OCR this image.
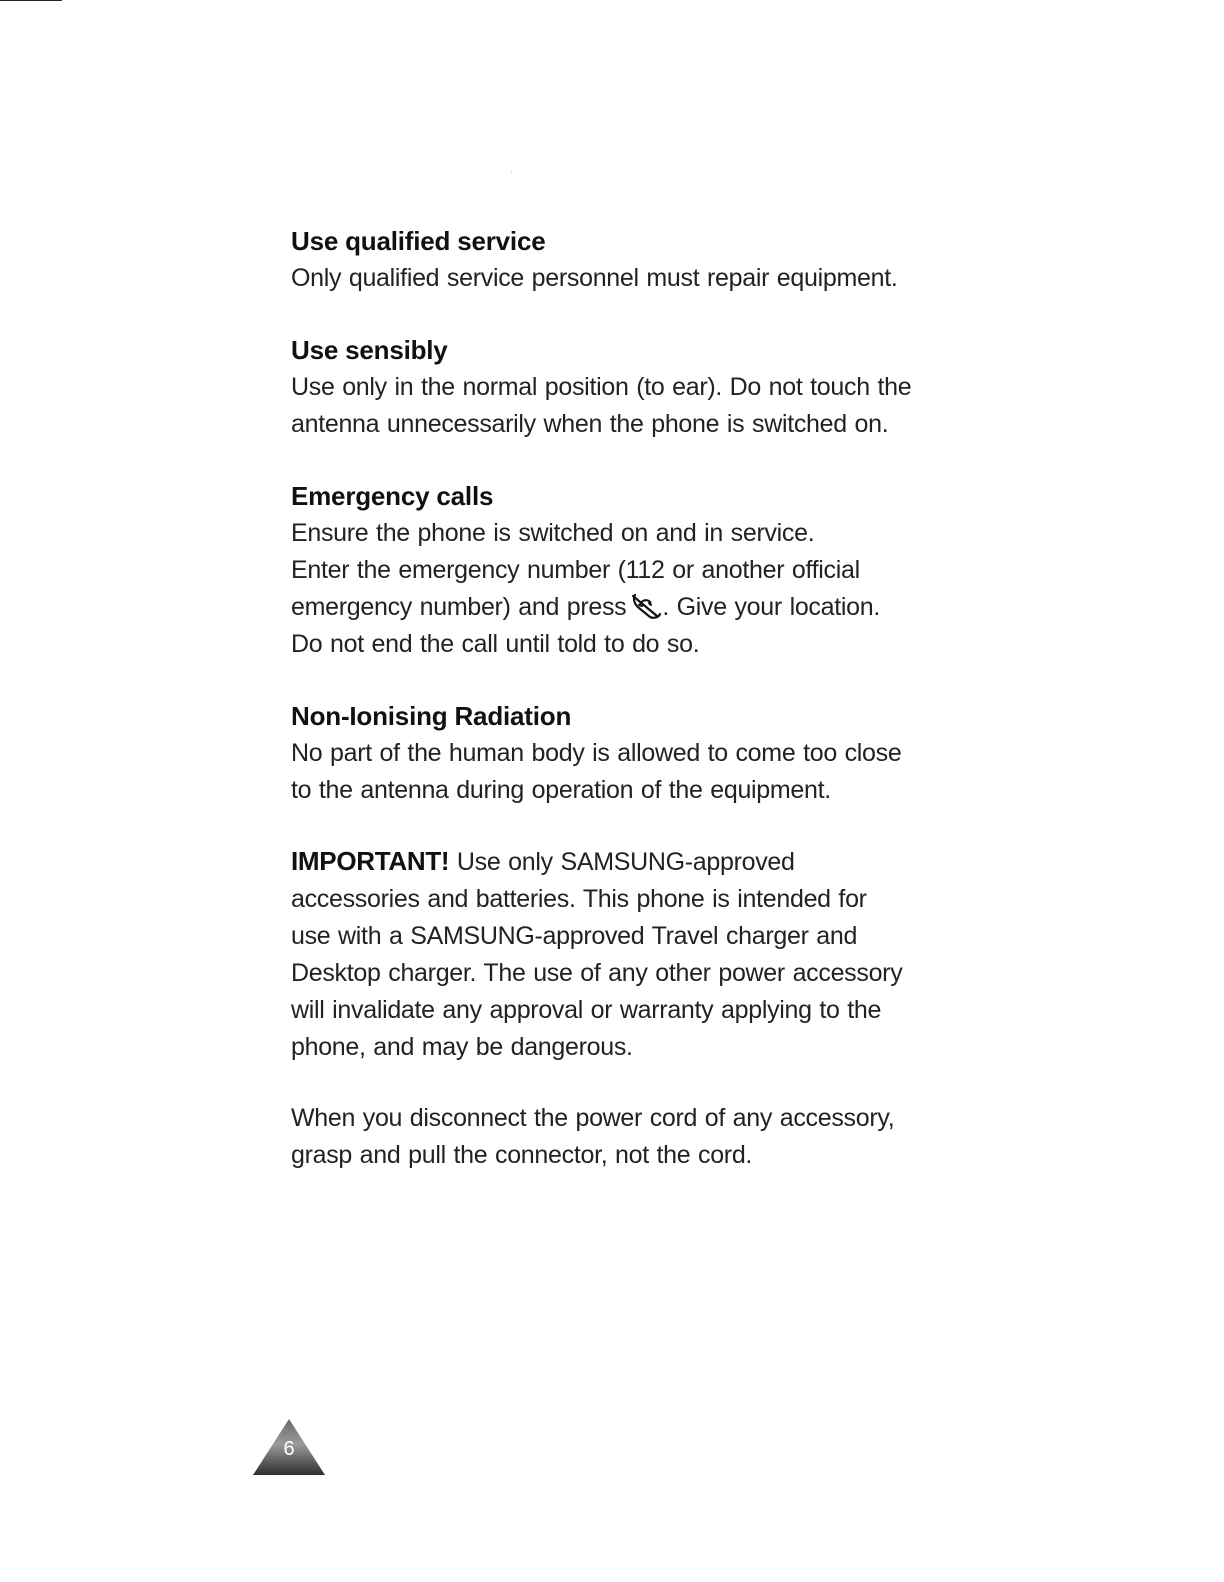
Use qualified service

Only qualified service personnel must repair equipment.

Use sensibly

Use only in the normal position (to ear). Do not touch the

antenna unnecessarily when the phone is switched on.

Emergency calls

Ensure the phone is switched on and in service.

Enter the emergency number (112 or another official

emergency number) and press . Give your location.

Do not end the call until told to do so.

Non-Ionising Radiation

No part of the human body is allowed to come too close

to the antenna during operation of the equipment.

IMPORTANT! Use only SAMSUNG-approved

accessories and batteries. This phone is intended for

use with a SAMSUNG-approved Travel charger and

Desktop charger. The use of any other power accessory

will invalidate any approval or warranty applying to the

phone, and may be dangerous.

When you disconnect the power cord of any accessory,

grasp and pull the connector, not the cord.

6
